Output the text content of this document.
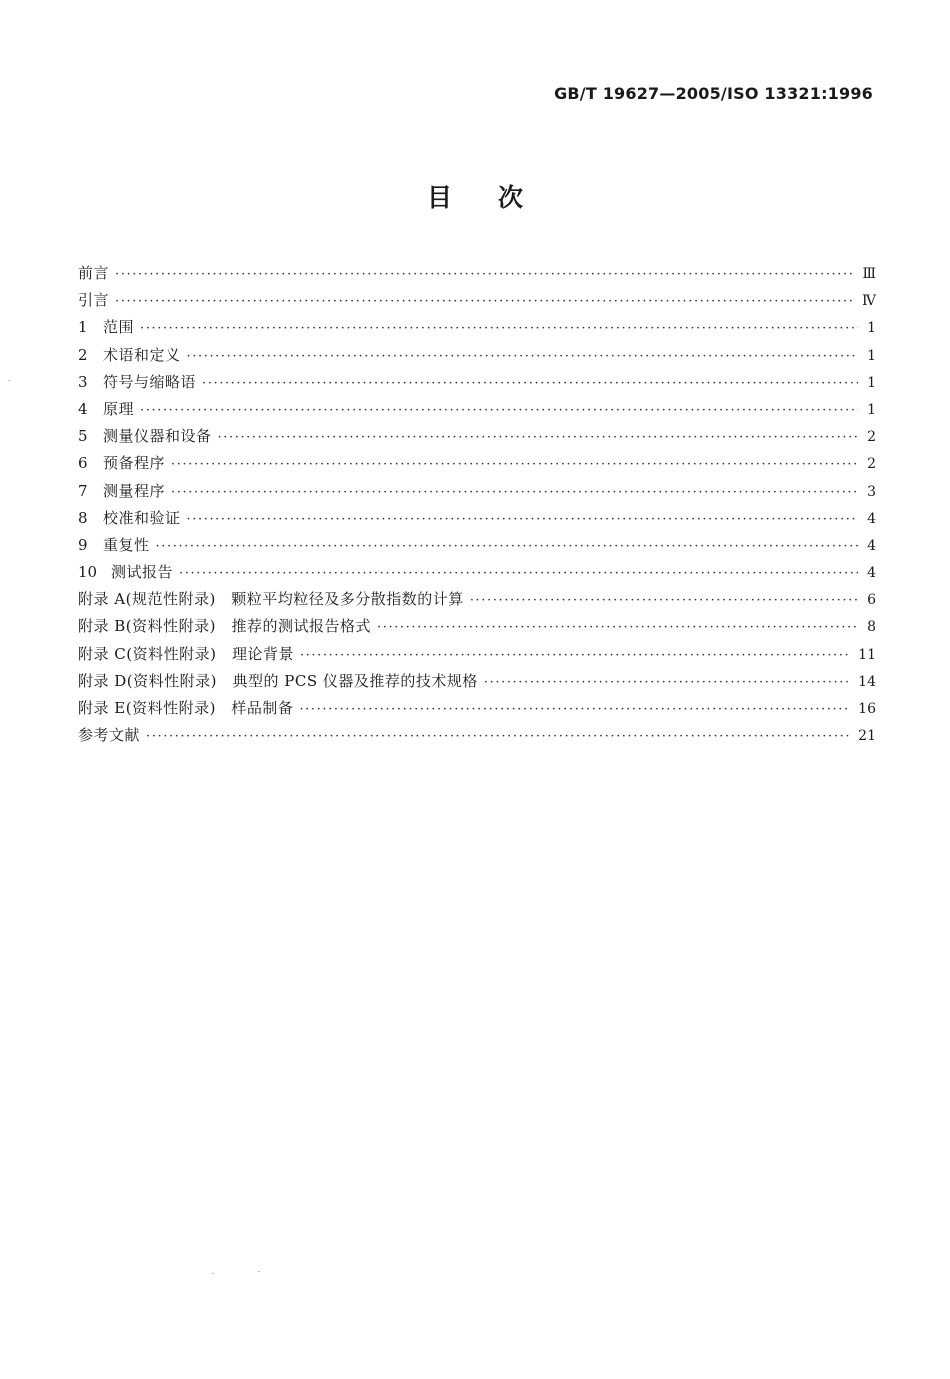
GB/T 19627—2005/ISO 13321:1996
目次
前言 ·····	Ⅲ
引言 ·····	Ⅳ
1	范围 ·····	1
2	术语和定义 ·····	1
3	符号与缩略语 ·····	1
4	原理 ·····	1
5	测量仪器和设备 ·····	2
6	预备程序 ·····	2
7	测量程序 ·····	3
8	校准和验证 ·····	4
9	重复性 ·····	4
10 测试报告 ·····	4
附录 A(规范性附录)　颗粒平均粒径及多分散指数的计算 ·····	6
附录 B(资料性附录)　推荐的测试报告格式 ·····	8
附录 C(资料性附录)　理论背景 ·····	11
附录 D(资料性附录)　典型的 PCS 仪器及推荐的技术规格 ·····	14
附录 E(资料性附录)　样品制备 ·····	16
参考文献 ·····	21
